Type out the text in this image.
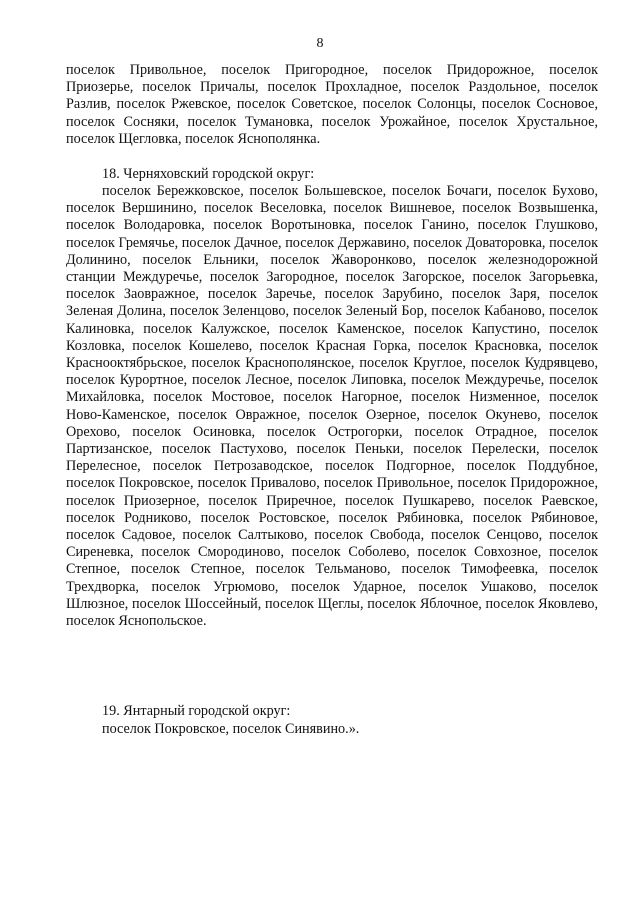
8

поселок Привольное, поселок Пригородное, поселок Придорожное, поселок Приозерье, поселок Причалы, поселок Прохладное, поселок Раздольное, поселок Разлив, поселок Ржевское, поселок Советское, поселок Солонцы, поселок Сосновое, поселок Сосняки, поселок Тумановка, поселок Урожайное, поселок Хрустальное, поселок Щегловка, поселок Яснополянка.

18. Черняховский городской округ:

поселок Бережковское, поселок Большевское, поселок Бочаги, поселок Бухово, поселок Вершинино, поселок Веселовка, поселок Вишневое, поселок Возвышенка, поселок Володаровка, поселок Воротыновка, поселок Ганино, поселок Глушково, поселок Гремячье, поселок Дачное, поселок Державино, поселок Доваторовка, поселок Долинино, поселок Ельники, поселок Жаворонково, поселок железнодорожной станции Междуречье, поселок Загородное, поселок Загорское, поселок Загорьевка, поселок Заовражное, поселок Заречье, поселок Зарубино, поселок Заря, поселок Зеленая Долина, поселок Зеленцово, поселок Зеленый Бор, поселок Кабаново, поселок Калиновка, поселок Калужское, поселок Каменское, поселок Капустино, поселок Козловка, поселок Кошелево, поселок Красная Горка, поселок Красновка, поселок Краснооктябрьское, поселок Краснополянское, поселок Круглое, поселок Кудрявцево, поселок Курортное, поселок Лесное, поселок Липовка, поселок Междуречье, поселок Михайловка, поселок Мостовое, поселок Нагорное, поселок Низменное, поселок Ново-Каменское, поселок Овражное, поселок Озерное, поселок Окунево, поселок Орехово, поселок Осиновка, поселок Острогорки, поселок Отрадное, поселок Партизанское, поселок Пастухово, поселок Пеньки, поселок Перелески, поселок Перелесное, поселок Петрозаводское, поселок Подгорное, поселок Поддубное, поселок Покровское, поселок Привалово, поселок Привольное, поселок Придорожное, поселок Приозерное, поселок Приречное, поселок Пушкарево, поселок Раевское, поселок Родниково, поселок Ростовское, поселок Рябиновка, поселок Рябиновое, поселок Садовое, поселок Салтыково, поселок Свобода, поселок Сенцово, поселок Сиреневка, поселок Смородиново, поселок Соболево, поселок Совхозное, поселок Степное, поселок Степное, поселок Тельманово, поселок Тимофеевка, поселок Трехдворка, поселок Угрюмово, поселок Ударное, поселок Ушаково, поселок Шлюзное, поселок Шоссейный, поселок Щеглы, поселок Яблочное, поселок Яковлево, поселок Яснопольское.

19. Янтарный городской округ:
поселок Покровское, поселок Синявино.».
